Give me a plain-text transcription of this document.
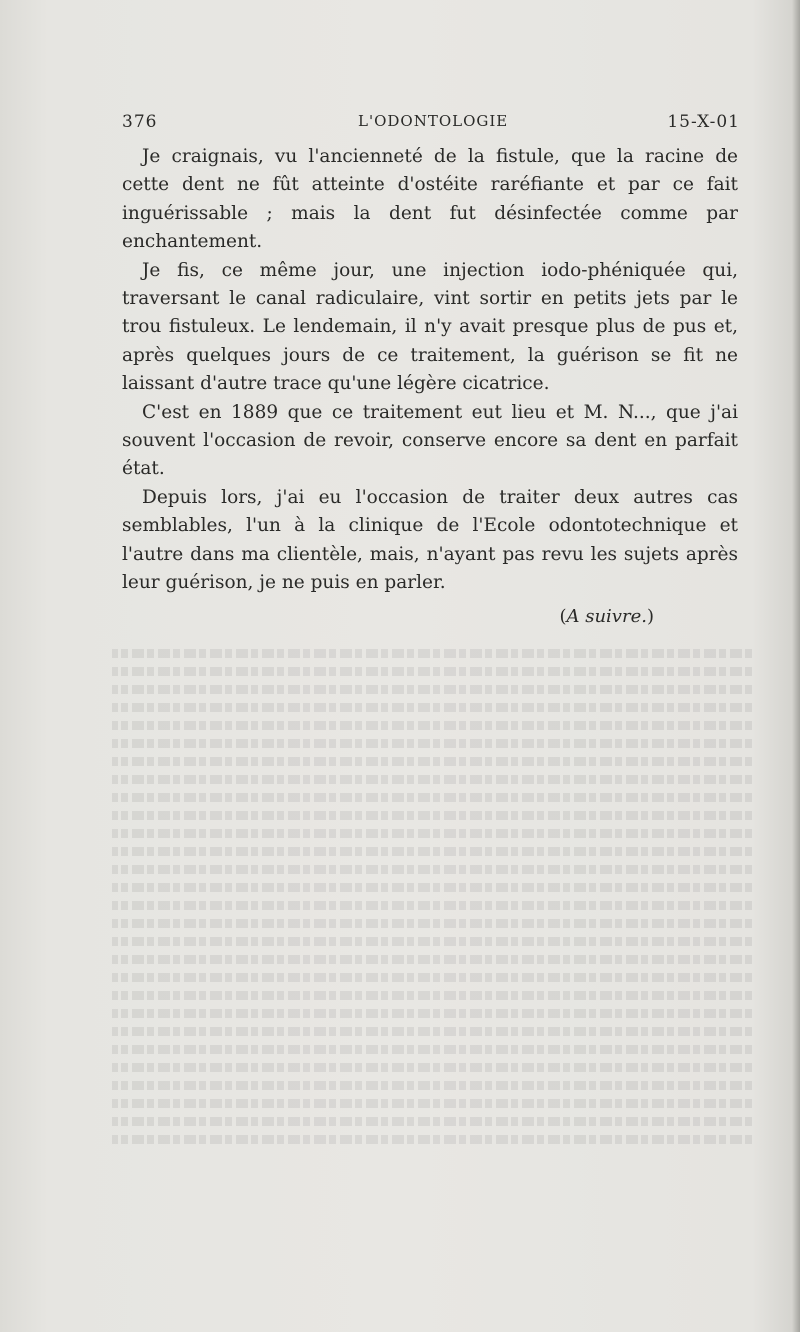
376	L'ODONTOLOGIE	15-X-01

Je craignais, vu l'ancienneté de la fistule, que la racine de cette dent ne fût atteinte d'ostéite raréfiante et par ce fait inguérissable ; mais la dent fut désinfectée comme par enchantement.

Je fis, ce même jour, une injection iodo-phéniquée qui, traversant le canal radiculaire, vint sortir en petits jets par le trou fistuleux. Le lendemain, il n'y avait presque plus de pus et, après quelques jours de ce traitement, la guérison se fit ne laissant d'autre trace qu'une légère cicatrice.

C'est en 1889 que ce traitement eut lieu et M. N..., que j'ai souvent l'occasion de revoir, conserve encore sa dent en parfait état.

Depuis lors, j'ai eu l'occasion de traiter deux autres cas semblables, l'un à la clinique de l'Ecole odontotechnique et l'autre dans ma clientèle, mais, n'ayant pas revu les sujets après leur guérison, je ne puis en parler.

(A suivre.)
